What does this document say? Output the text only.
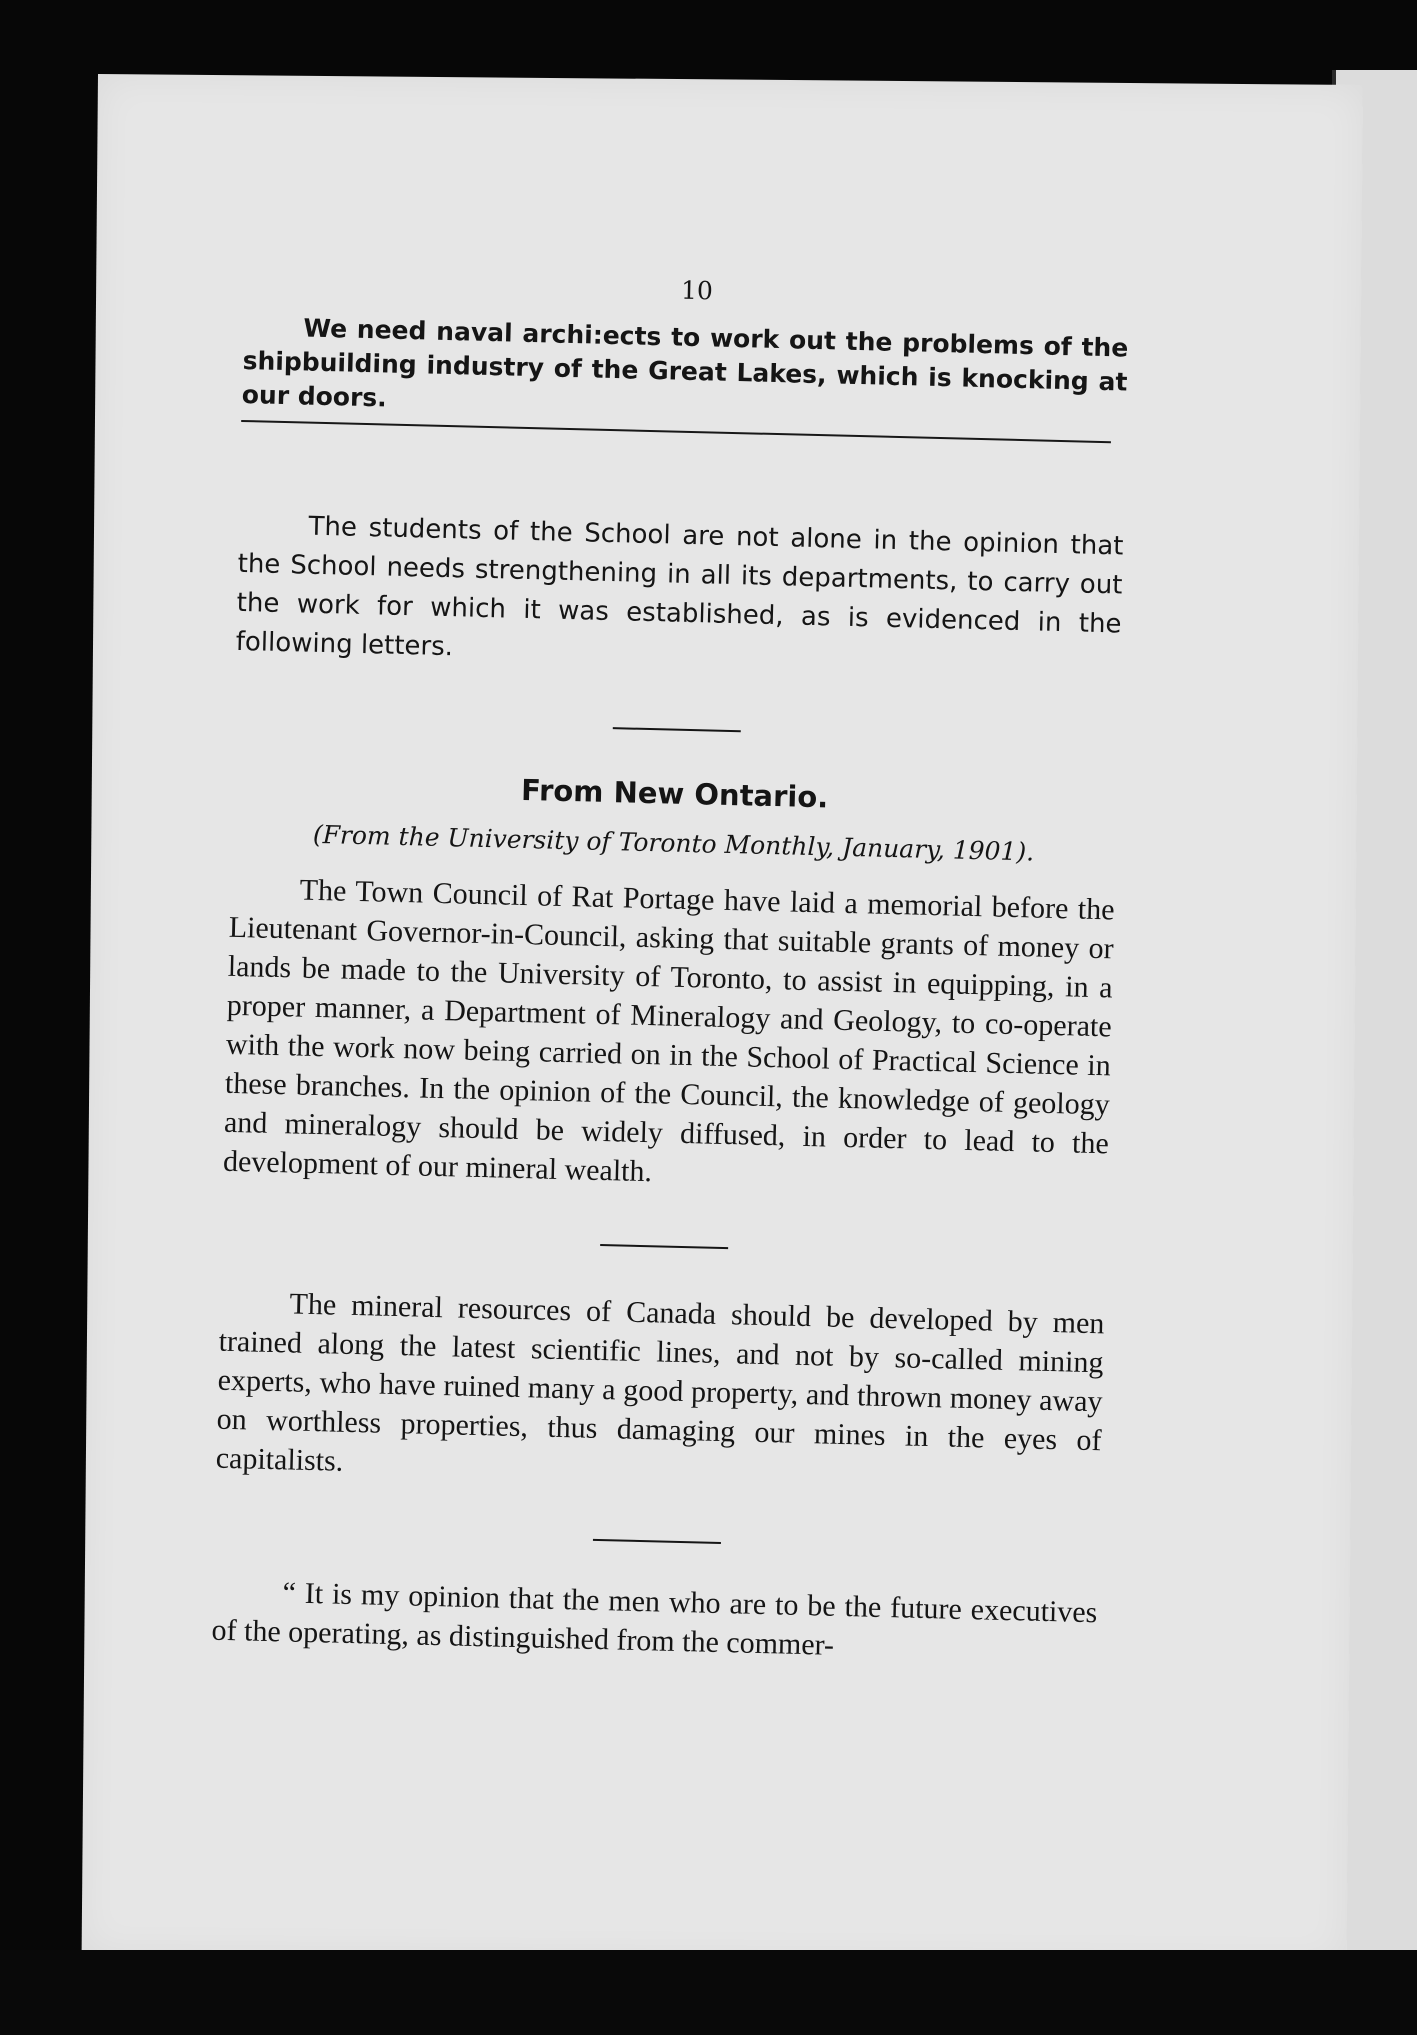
10

We need naval archi:ects to work out the problems of the shipbuilding industry of the Great Lakes, which is knocking at our doors.

The students of the School are not alone in the opinion that the School needs strengthening in all its departments, to carry out the work for which it was established, as is evidenced in the following letters.

From New Ontario.

(From the University of Toronto Monthly, January, 1901).

The Town Council of Rat Portage have laid a memorial before the Lieutenant Governor-in-Council, asking that suitable grants of money or lands be made to the University of Toronto, to assist in equipping, in a proper manner, a Department of Mineralogy and Geology, to co-operate with the work now being carried on in the School of Practical Science in these branches. In the opinion of the Council, the knowledge of geology and mineralogy should be widely diffused, in order to lead to the development of our mineral wealth.

The mineral resources of Canada should be developed by men trained along the latest scientific lines, and not by so-called mining experts, who have ruined many a good property, and thrown money away on worthless properties, thus damaging our mines in the eyes of capitalists.

“ It is my opinion that the men who are to be the future executives of the operating, as distinguished from the commer-
